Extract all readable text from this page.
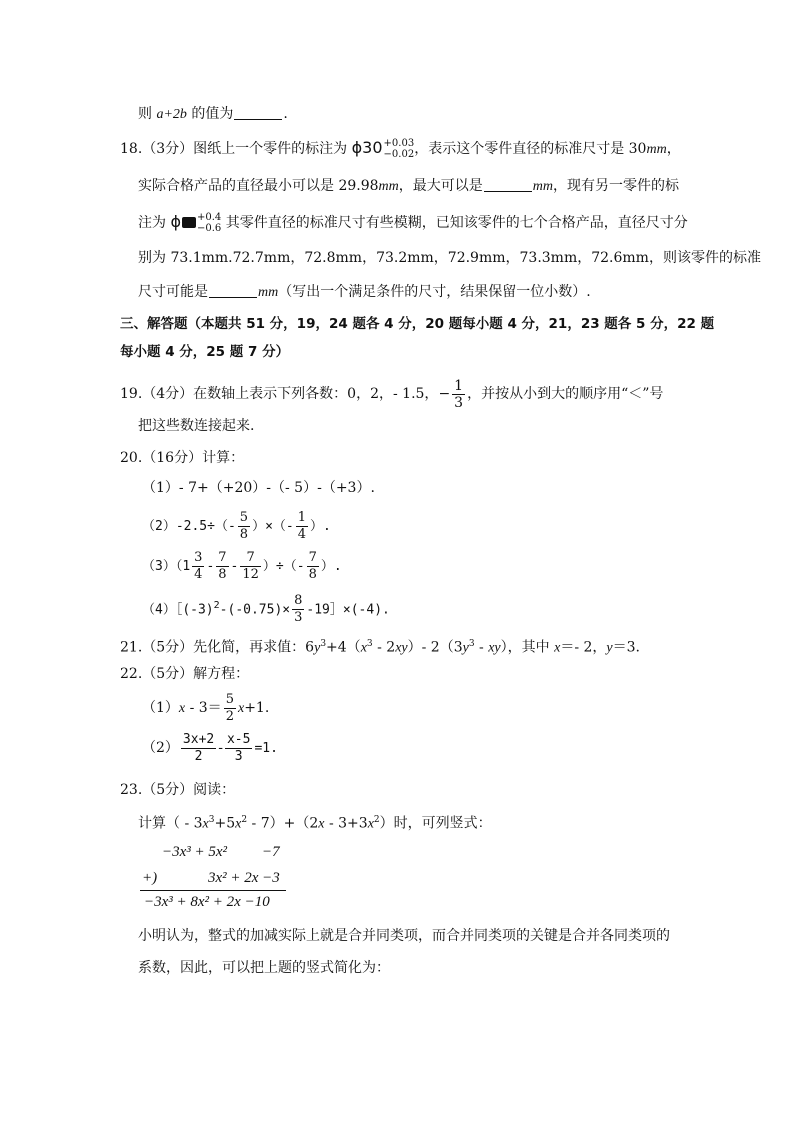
则 a+2b 的值为	.
18.（3分）图纸上一个零件的标注为 ϕ30 +0.03
−0.02 ，表示这个零件直径的标准尺寸是 30mm，
实际合格产品的直径最小可以是 29.98mm，最大可以是	mm，现有另一零件的标
注为 ϕ +0.4
−0.6 其零件直径的标准尺寸有些模糊，已知该零件的七个合格产品，直径尺寸分
别为 73.1mm.72.7mm，72.8mm，73.2mm，72.9mm，73.3mm，72.6mm，则该零件的标准
尺寸可能是	mm（写出一个满足条件的尺寸，结果保留一位小数）.
三、解答题（本题共 51 分，19，24 题各 4 分，20 题每小题 4 分，21，23 题各 5 分，22 题
每小题 4 分，25 题 7 分）
19.（4分）在数轴上表示下列各数：0，2，- 1.5，− $\frac{1}{3}$ ，并按从小到大的顺序用“＜”号
把这些数连接起来.
20.（16分）计算：
（1）- 7+（+20）-（- 5）-（+3）.
$(2)-2.5\div(- \frac{5}{8}$ ）×（- $\frac{1}{4}$ ）.
$(3)(1 \frac{3}{4} - \frac{7}{8} - \frac{7}{12}$ ）÷（- $\frac{7}{8}$ ）.
$(4)[(-3)^2-(-0.75)\times \frac{8}{3}$ -19］×(-4).
21.（5分）先化简，再求值：$6y^3+4(x^3 - 2xy)-$ $2(3y^3 - xy)$，其中 x＝- 2，y＝3.
22.（5分）解方程：
$(1)x - 3= \frac{5}{2} x+1$.
$(2) \frac{3x+2}{2} - \frac{x-5}{3} =1$.
23.（5分）阅读：
计算（ - $3x^3+5x^2 - 7)+(2x - 3+3x^2)$时，可列竖式：
−3x³ + 5x² −7
+)	3x² + 2x −3
−3x³ + 8x² + 2x −10
小明认为，整式的加减实际上就是合并同类项，而合并同类项的关键是合并各同类项的
系数，因此，可以把上题的竖式简化为：
